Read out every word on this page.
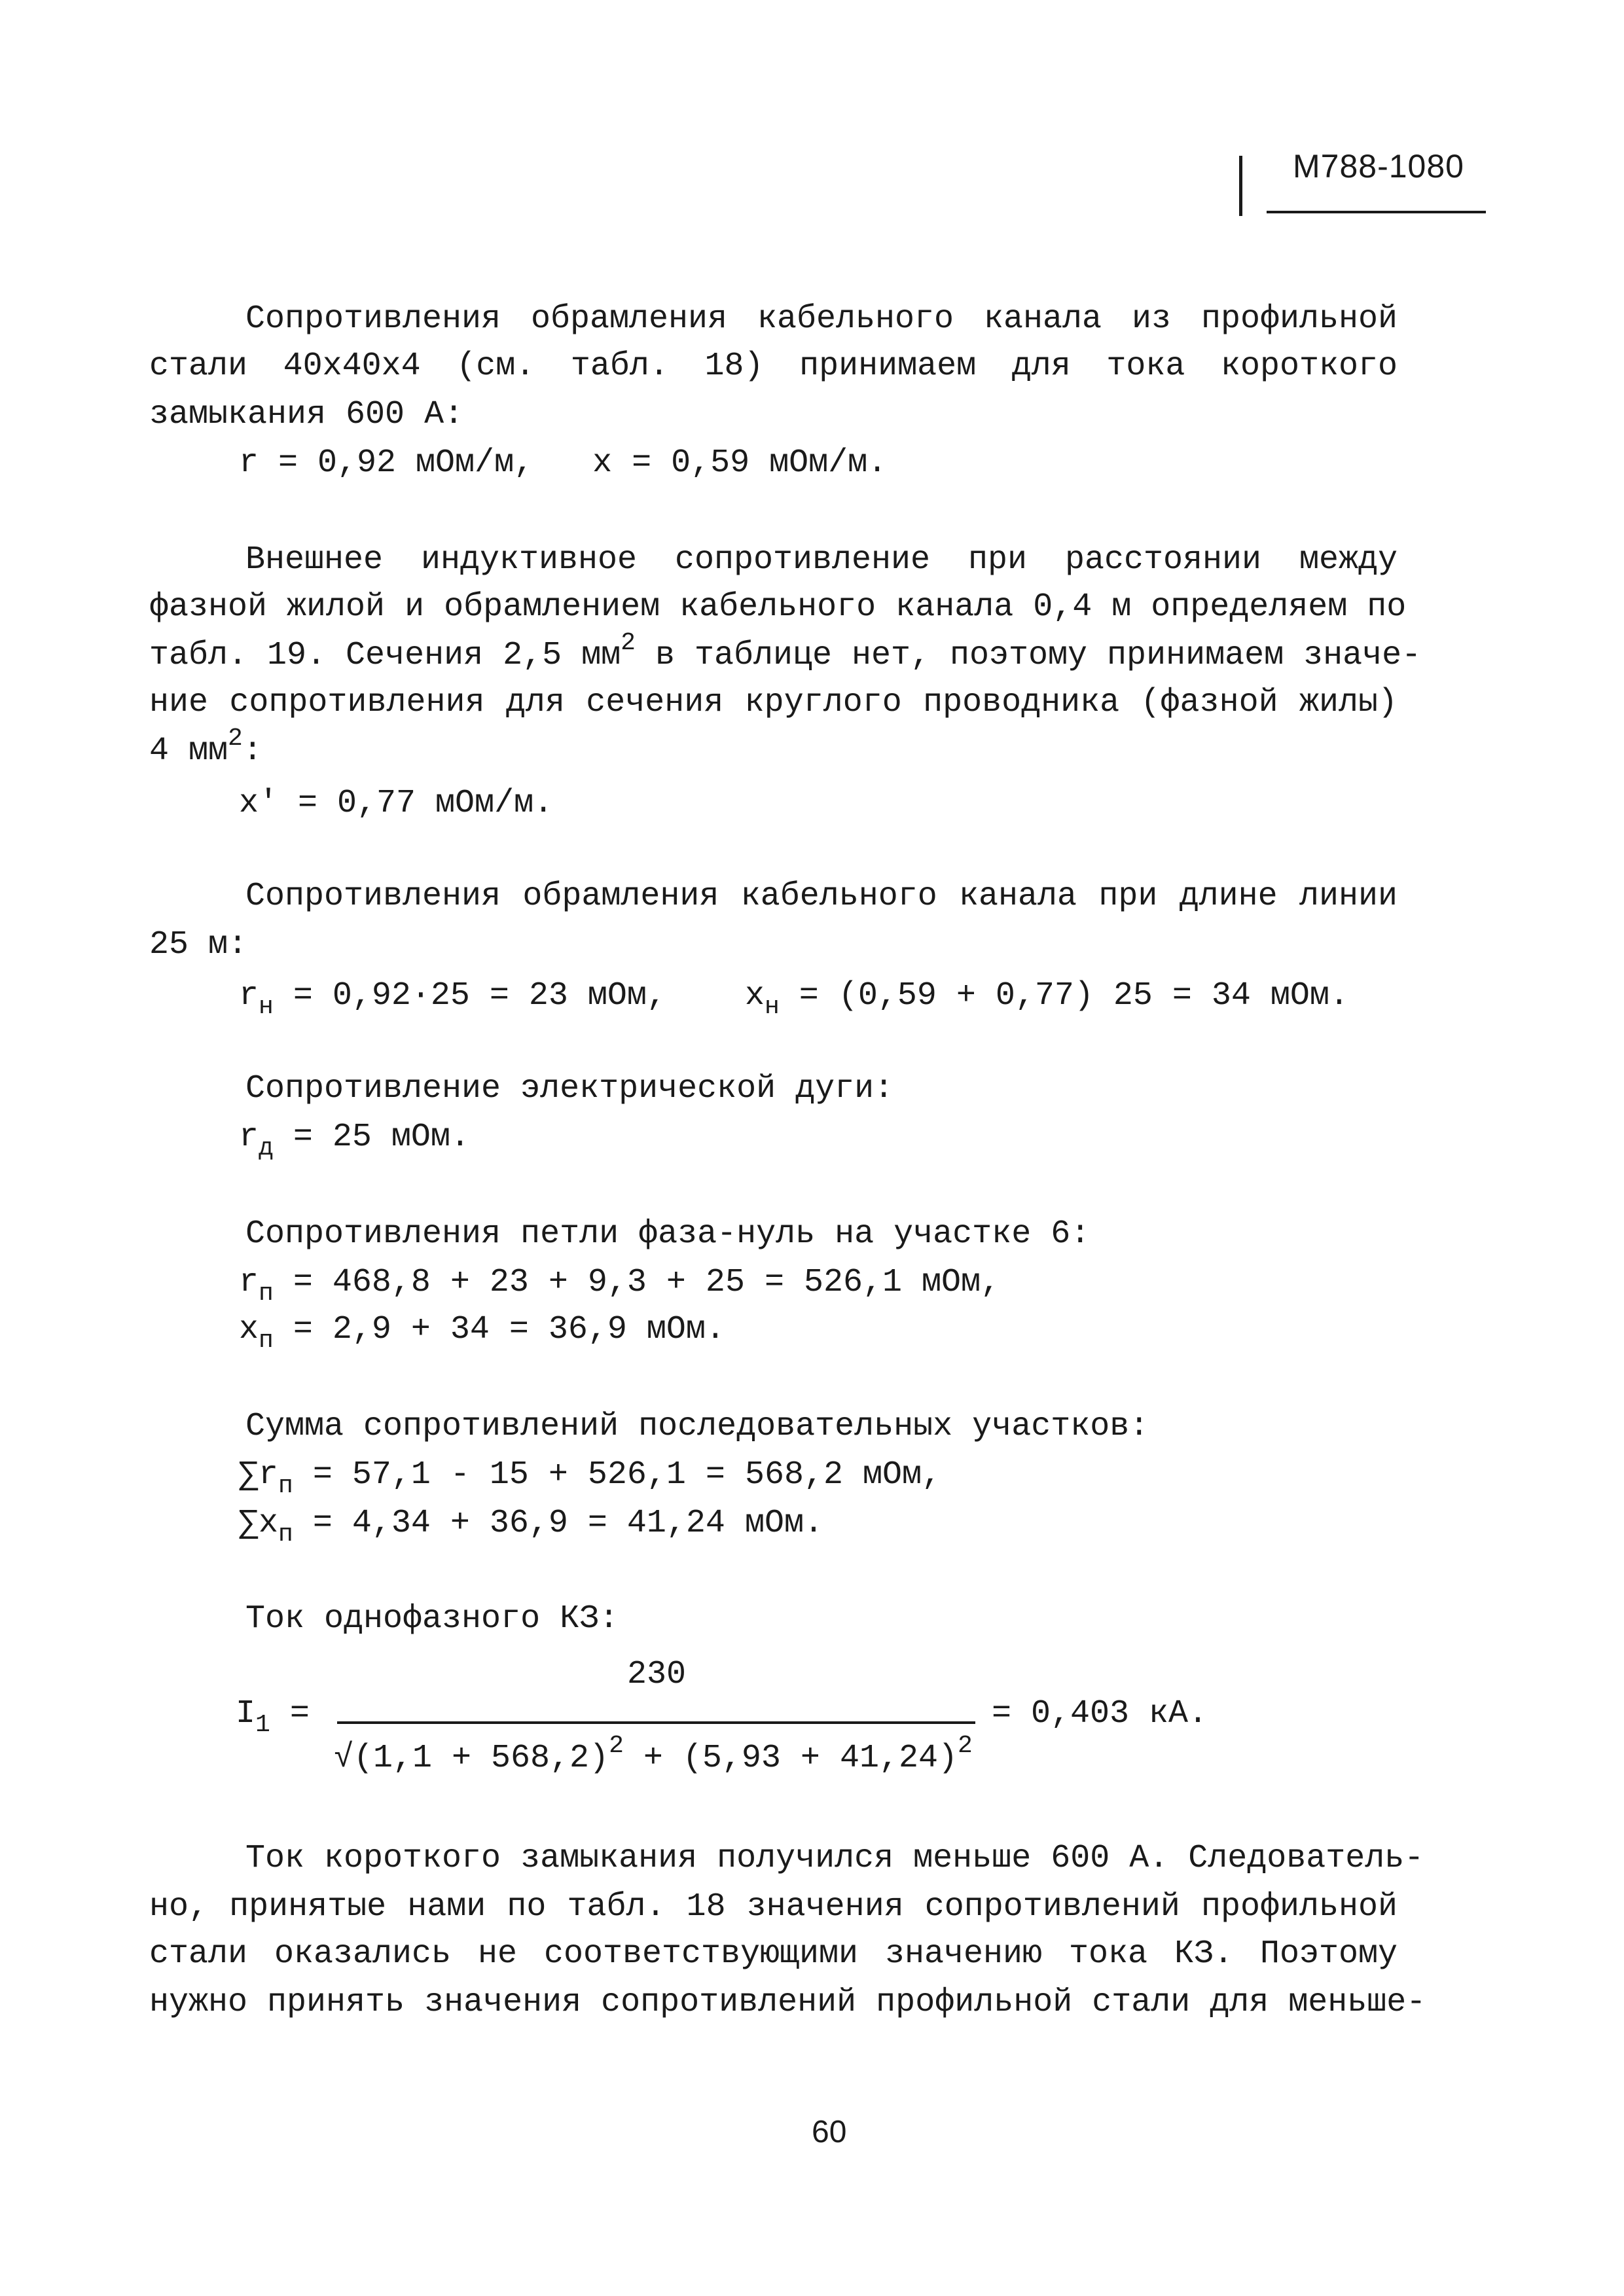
М788-1080
Сопротивления обрамления кабельного канала из профильной
стали 40х40х4 (см. табл. 18) принимаем для тока короткого
замыкания 600 А:
r = 0,92 мОм/м,   x = 0,59 мОм/м.
Внешнее индуктивное сопротивление при расстоянии между
фазной жилой и обрамлением кабельного канала 0,4 м определяем по
табл. 19. Сечения 2,5 $мм^2$ в таблице нет, поэтому принимаем значе-
ние сопротивления для сечения круглого проводника (фазной жилы)
4 $мм^2$:
x' = 0,77 мОм/м.
Сопротивления обрамления кабельного канала при длине линии
25 м:
$r_н = 0,92\cdot 25 = 23$ мОм, $x_н = (0,59 + 0,77) 25 = 34$ мОм.
Сопротивление электрической дуги:
$r_д = 25$ мОм.
Сопротивления петли фаза-нуль на участке 6:
$r_п = 468,8 + 23 + 9,3 + 25 = 526,1$ мОм,
$x_п = 2,9 + 34 = 36,9$ мОм.
Сумма сопротивлений последовательных участков:
$\sum r_п = 57,1 - 15 + 526,1 = 568,2$ мОм,
$\sum x_п = 4,34 + 36,9 = 41,24$ мОм.
Ток однофазного КЗ:
230
$I_1$ =	= 0,403 кА.
$√(1,1 + 568,2)^2 + (5,93 + 41,24)^2$
Ток короткого замыкания получился меньше 600 А. Следователь-
но, принятые нами по табл. 18 значения сопротивлений профильной
стали оказались не соответствующими значению тока КЗ. Поэтому
нужно принять значения сопротивлений профильной стали для меньше-
60
